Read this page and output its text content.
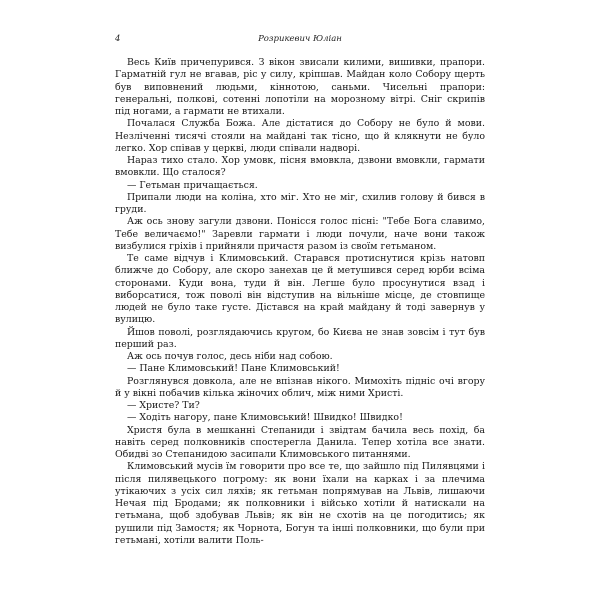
4	Розрикевич Юліан

Весь Київ причепурився. З вікон звисали килими, вишивки, прапори. Гарматній гул не вгавав, ріс у силу, кріпшав. Майдан коло Собору щерть був виповнений людьми, кіннотою, саньми. Чисельні прапори: генеральні, полкові, сотенні лопотіли на морозному вітрі. Сніг скрипів під ногами, а гармати не втихали.

Почалася Служба Божа. Але дістатися до Собору не було й мови. Незліченні тисячі стояли на майдані так тісно, що й клякнути не було легко. Хор співав у церкві, люди співали надворі.

Нараз тихо стало. Хор умовк, пісня вмовкла, дзвони вмовкли, гармати вмовкли. Що сталося?

— Гетьман причащається.

Припали люди на коліна, хто міг. Хто не міг, схилив голову й бився в груди.

Аж ось знову загули дзвони. Понісся голос пісні: "Тебе Бога славимо, Тебе величаємо!" Заревли гармати і люди почули, наче вони також визбулися гріхів і прийняли причастя разом із своїм гетьманом.

Те саме відчув і Климовський. Старався протиснутися крізь натовп ближче до Собору, але скоро занехав це й метушився серед юрби всіма сторонами. Куди вона, туди й він. Легше було просунутися взад і вибоpсатися, тож поволі він відступив на вільніше місце, де стовпище людей не було таке густе. Дістався на край майдану й тоді завернув у вулицю.

Йшов поволі, розглядаючись кругом, бо Києва не знав зовсім і тут був перший раз.

Аж ось почув голос, десь ніби над собою.

— Пане Климовський! Пане Климовський!

Розглянувся довкола, але не впізнав нікого. Мимохіть підніс очі вгору й у вікні побачив кілька жіночих облич, між ними Христі.

— Христе? Ти?

— Ходіть нагору, пане Климовський! Швидко! Швидко!

Христя була в мешканні Степаниди і звідтам бачила весь похід, ба навіть серед полковників спостерегла Данила. Тепер хотіла все знати. Обидві зо Степанидою засипали Климовського питаннями.

Климовський мусів їм говорити про все те, що зайшло під Пилявцями і після пилявецького погрому: як вони їхали на карках і за плечима утікаючих з усіх сил ляхів; як гетьман попрямував на Львів, лишаючи Нечая під Бродами; як полковники і військо хотіли й натискали на гетьмана, щоб здобував Львів; як він не схотів на це погодитись; як рушили під Замостя; як Чорнота, Богун та інші полковники, що були при гетьмані, хотіли валити Поль-
